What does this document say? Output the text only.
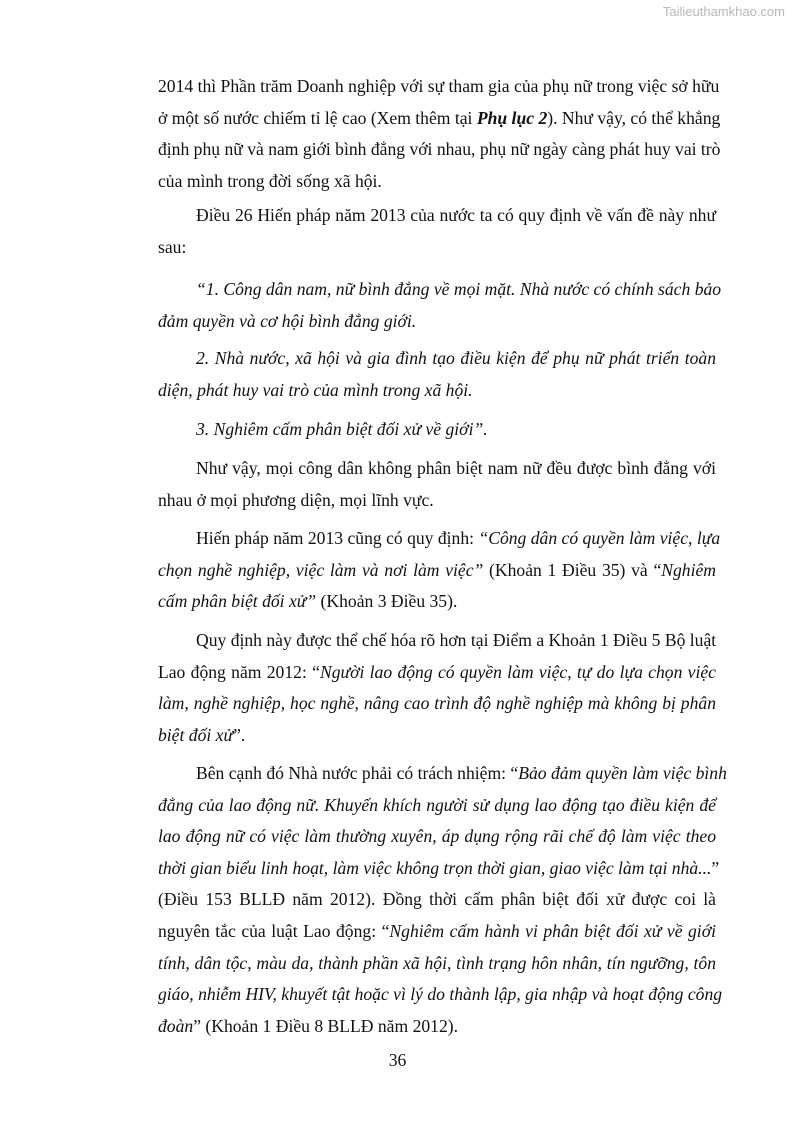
Tailieuthamkhao.com
2014 thì Phần trăm Doanh nghiệp với sự tham gia của phụ nữ trong việc sở hữu
ở một số nước chiếm tỉ lệ cao (Xem thêm tại Phụ lục 2). Như vậy, có thể khẳng
định phụ nữ và nam giới bình đẳng với nhau, phụ nữ ngày càng phát huy vai trò
của mình trong đời sống xã hội.
Điều 26 Hiến pháp năm 2013 của nước ta có quy định về vấn đề này như
sau:
“1. Công dân nam, nữ bình đẳng về mọi mặt. Nhà nước có chính sách bảo
đảm quyền và cơ hội bình đẳng giới.
2. Nhà nước, xã hội và gia đình tạo điều kiện để phụ nữ phát triển toàn
diện, phát huy vai trò của mình trong xã hội.
3. Nghiêm cấm phân biệt đối xử về giới”.
Như vậy, mọi công dân không phân biệt nam nữ đều được bình đẳng với
nhau ở mọi phương diện, mọi lĩnh vực.
Hiến pháp năm 2013 cũng có quy định: “Công dân có quyền làm việc, lựa
chọn nghề nghiệp, việc làm và nơi làm việc” (Khoản 1 Điều 35) và “Nghiêm
cấm phân biệt đối xử” (Khoản 3 Điều 35).
Quy định này được thể chế hóa rõ hơn tại Điểm a Khoản 1 Điều 5 Bộ luật
Lao động năm 2012: “Người lao động có quyền làm việc, tự do lựa chọn việc
làm, nghề nghiệp, học nghề, nâng cao trình độ nghề nghiệp mà không bị phân
biệt đối xử”.
Bên cạnh đó Nhà nước phải có trách nhiệm: “Bảo đảm quyền làm việc bình
đẳng của lao động nữ. Khuyến khích người sử dụng lao động tạo điều kiện để
lao động nữ có việc làm thường xuyên, áp dụng rộng rãi chế độ làm việc theo
thời gian biểu linh hoạt, làm việc không trọn thời gian, giao việc làm tại nhà...”
(Điều 153 BLLĐ năm 2012). Đồng thời cấm phân biệt đối xử được coi là
nguyên tắc của luật Lao động: “Nghiêm cấm hành vi phân biệt đối xử về giới
tính, dân tộc, màu da, thành phần xã hội, tình trạng hôn nhân, tín ngưỡng, tôn
giáo, nhiễm HIV, khuyết tật hoặc vì lý do thành lập, gia nhập và hoạt động công
đoàn” (Khoản 1 Điều 8 BLLĐ năm 2012).
36
